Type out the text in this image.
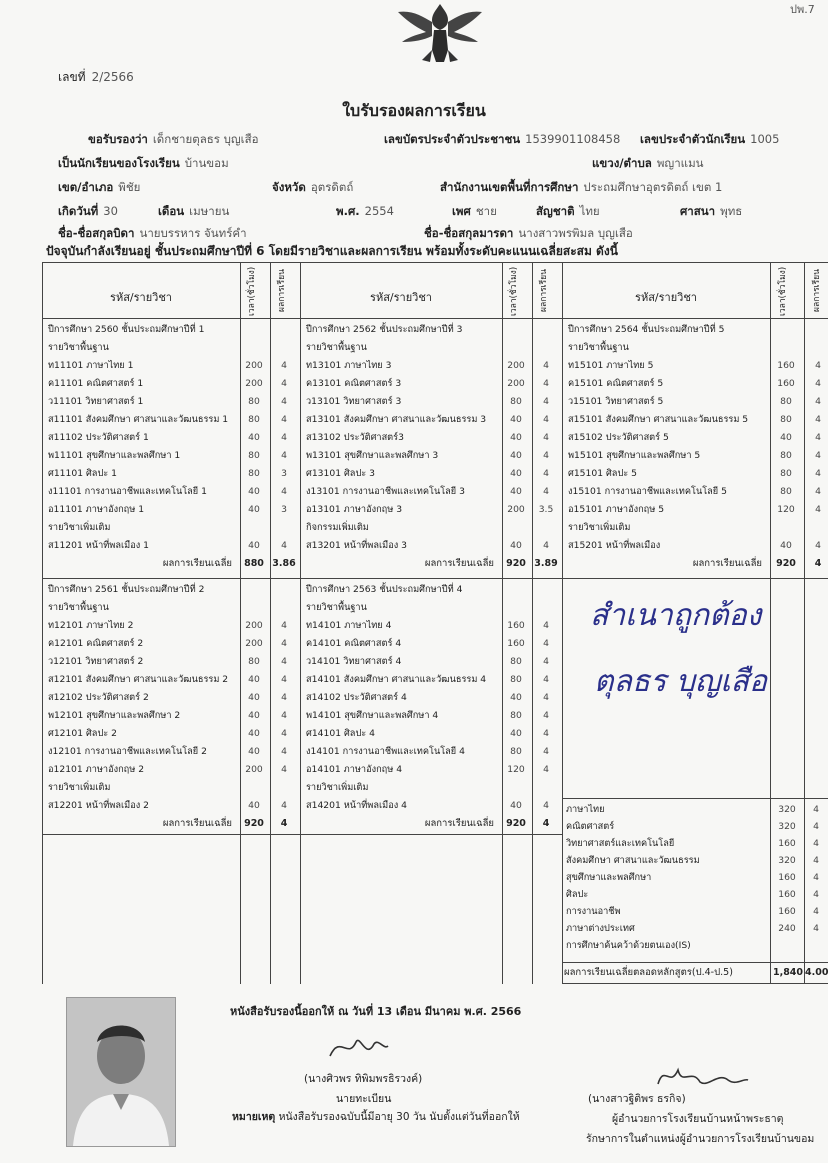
ปพ.7
เลขที่ 2/2566
ใบรับรองผลการเรียน
ขอรับรองว่า เด็กชายตุลธร บุญเสือ	เลขบัตรประจำตัวประชาชน 1539901108458 เลขประจำตัวนักเรียน 1005
เป็นนักเรียนของโรงเรียน บ้านขอม	แขวง/ตำบล พญาแมน
เขต/อำเภอ พิชัย	จังหวัด อุตรดิตถ์	สำนักงานเขตพื้นที่การศึกษา ประถมศึกษาอุตรดิตถ์ เขต 1
เกิดวันที่ 30	เดือน เมษายน	พ.ศ. 2554	เพศ ชาย	สัญชาติ ไทย	ศาสนา พุทธ
ชื่อ-ชื่อสกุลบิดา นายบรรหาร จันทร์คำ	ชื่อ-ชื่อสกุลมารดา นางสาวพรพิมล บุญเสือ
ปัจจุบันกำลังเรียนอยู่ ชั้นประถมศึกษาปีที่ 6 โดยมีรายวิชาและผลการเรียน พร้อมทั้งระดับคะแนนเฉลี่ยสะสม ดังนี้
รหัส/รายวิชา	เวลา(ชั่วโมง) ผลการเรียน	รหัส/รายวิชา	เวลา(ชั่วโมง) ผลการเรียน	รหัส/รายวิชา	เวลา(ชั่วโมง)	ผลการเรียน
ปีการศึกษา 2560 ชั้นประถมศึกษาปีที่ 1
รายวิชาพื้นฐาน
ท11101 ภาษาไทย 1	200	4
ค11101 คณิตศาสตร์ 1	200	4
ว11101 วิทยาศาสตร์ 1	80	4
ส11101 สังคมศึกษา ศาสนาและวัฒนธรรม 1	80	4
ส11102 ประวัติศาสตร์ 1	40	4
พ11101 สุขศึกษาและพลศึกษา 1	80	4
ศ11101 ศิลปะ 1	80	3
ง11101 การงานอาชีพและเทคโนโลยี 1	40	4
อ11101 ภาษาอังกฤษ 1	40	3
รายวิชาเพิ่มเติม
ส11201 หน้าที่พลเมือง 1	40	4
ผลการเรียนเฉลี่ย	880 3.86
ปีการศึกษา 2562 ชั้นประถมศึกษาปีที่ 3
รายวิชาพื้นฐาน
ท13101 ภาษาไทย 3	200	4
ค13101 คณิตศาสตร์ 3	200	4
ว13101 วิทยาศาสตร์ 3	80	4
ส13101 สังคมศึกษา ศาสนาและวัฒนธรรม 3	40	4
ส13102 ประวัติศาสตร์3	40	4
พ13101 สุขศึกษาและพลศึกษา 3	40	4
ศ13101 ศิลปะ 3	40	4
ง13101 การงานอาชีพและเทคโนโลยี 3	40	4
อ13101 ภาษาอังกฤษ 3	200	3.5
กิจกรรมเพิ่มเติม
ส13201 หน้าที่พลเมือง 3	40	4
ผลการเรียนเฉลี่ย	920 3.89
ปีการศึกษา 2564 ชั้นประถมศึกษาปีที่ 5
รายวิชาพื้นฐาน
ท15101 ภาษาไทย 5	160	4
ค15101 คณิตศาสตร์ 5	160	4
ว15101 วิทยาศาสตร์ 5	80	4
ส15101 สังคมศึกษา ศาสนาและวัฒนธรรม 5	80	4
ส15102 ประวัติศาสตร์ 5	40	4
พ15101 สุขศึกษาและพลศึกษา 5	80	4
ศ15101 ศิลปะ 5	80	4
ง15101 การงานอาชีพและเทคโนโลยี 5	80	4
อ15101 ภาษาอังกฤษ 5	120	4
รายวิชาเพิ่มเติม
ส15201 หน้าที่พลเมือง	40	4
ผลการเรียนเฉลี่ย	920	4
ปีการศึกษา 2561 ชั้นประถมศึกษาปีที่ 2
รายวิชาพื้นฐาน
ท12101 ภาษาไทย 2	200	4
ค12101 คณิตศาสตร์ 2	200	4
ว12101 วิทยาศาสตร์ 2	80	4
ส12101 สังคมศึกษา ศาสนาและวัฒนธรรม 2	40	4
ส12102 ประวัติศาสตร์ 2	40	4
พ12101 สุขศึกษาและพลศึกษา 2	40	4
ศ12101 ศิลปะ 2	40	4
ง12101 การงานอาชีพและเทคโนโลยี 2	40	4
อ12101 ภาษาอังกฤษ 2	200	4
รายวิชาเพิ่มเติม
ส12201 หน้าที่พลเมือง 2	40	4
ผลการเรียนเฉลี่ย	920	4
ปีการศึกษา 2563 ชั้นประถมศึกษาปีที่ 4
รายวิชาพื้นฐาน
ท14101 ภาษาไทย 4	160	4
ค14101 คณิตศาสตร์ 4	160	4
ว14101 วิทยาศาสตร์ 4	80	4
ส14101 สังคมศึกษา ศาสนาและวัฒนธรรม 4	80	4
ส14102 ประวัติศาสตร์ 4	40	4
พ14101 สุขศึกษาและพลศึกษา 4	80	4
ศ14101 ศิลปะ 4	40	4
ง14101 การงานอาชีพและเทคโนโลยี 4	80	4
อ14101 ภาษาอังกฤษ 4	120	4
รายวิชาเพิ่มเติม
ส14201 หน้าที่พลเมือง 4	40	4
ผลการเรียนเฉลี่ย	920	4
สำเนาถูกต้อง
ตุลธร บุญเสือ
ภาษาไทย	320	4
คณิตศาสตร์	320	4
วิทยาศาสตร์และเทคโนโลยี	160	4
สังคมศึกษา ศาสนาและวัฒนธรรม	320	4
สุขศึกษาและพลศึกษา	160	4
ศิลปะ	160	4
การงานอาชีพ	160	4
ภาษาต่างประเทศ	240	4
การศึกษาค้นคว้าด้วยตนเอง(IS)
ผลการเรียนเฉลี่ยตลอดหลักสูตร(ป.4-ป.5)	1,840 4.00
หนังสือรับรองนี้ออกให้ ณ วันที่ 13 เดือน มีนาคม พ.ศ. 2566
(นางศิวพร ทิพิมพรธิรวงค์)
นายทะเบียน
หมายเหตุ หนังสือรับรองฉบับนี้มีอายุ 30 วัน นับตั้งแต่วันที่ออกให้
(นางสาวฐิติพร ธรกิจ)
ผู้อำนวยการโรงเรียนบ้านหน้าพระธาตุ
รักษาการในตำแหน่งผู้อำนวยการโรงเรียนบ้านขอม
